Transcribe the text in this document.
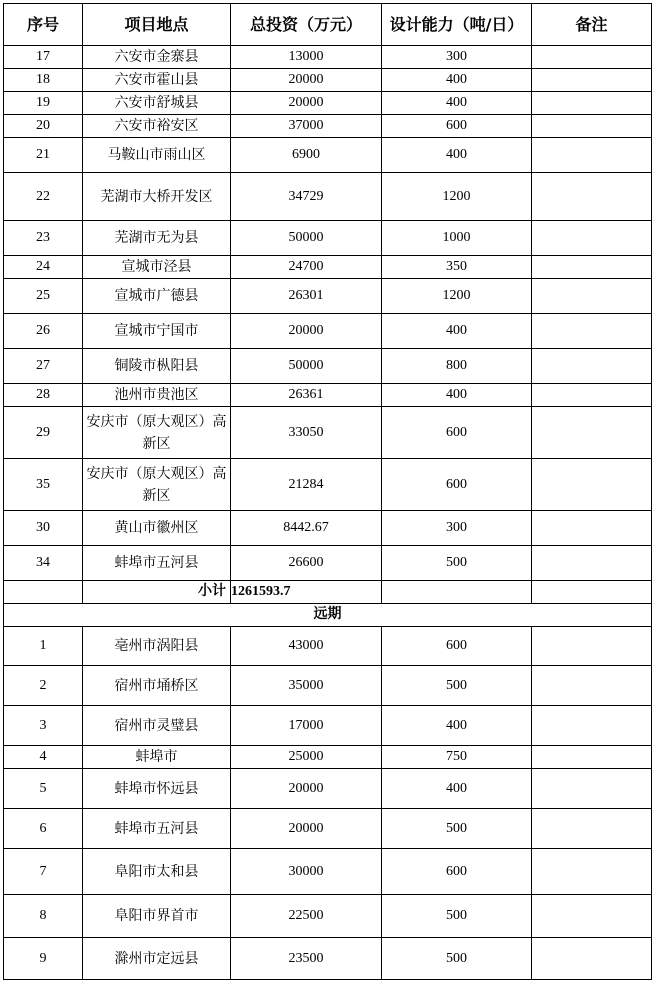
序号	项目地点	总投资（万元）	设计能力（吨/日）	备注
17	六安市金寨县	13000	300	
18	六安市霍山县	20000	400	
19	六安市舒城县	20000	400	
20	六安市裕安区	37000	600	
21	马鞍山市雨山区	6900	400	
22	芜湖市大桥开发区	34729	1200	
23	芜湖市无为县	50000	1000	
24	宣城市泾县	24700	350	
25	宣城市广德县	26301	1200	
26	宣城市宁国市	20000	400	
27	铜陵市枞阳县	50000	800	
28	池州市贵池区	26361	400	
29	安庆市（原大观区）高新区	33050	600	
35	安庆市（原大观区）高新区	21284	600	
30	黄山市徽州区	8442.67	300	
34	蚌埠市五河县	26600	500	
	小计	1261593.7		
远期				
1	亳州市涡阳县	43000	600	
2	宿州市埇桥区	35000	500	
3	宿州市灵璧县	17000	400	
4	蚌埠市	25000	750	
5	蚌埠市怀远县	20000	400	
6	蚌埠市五河县	20000	500	
7	阜阳市太和县	30000	600	
8	阜阳市界首市	22500	500	
9	滁州市定远县	23500	500	
